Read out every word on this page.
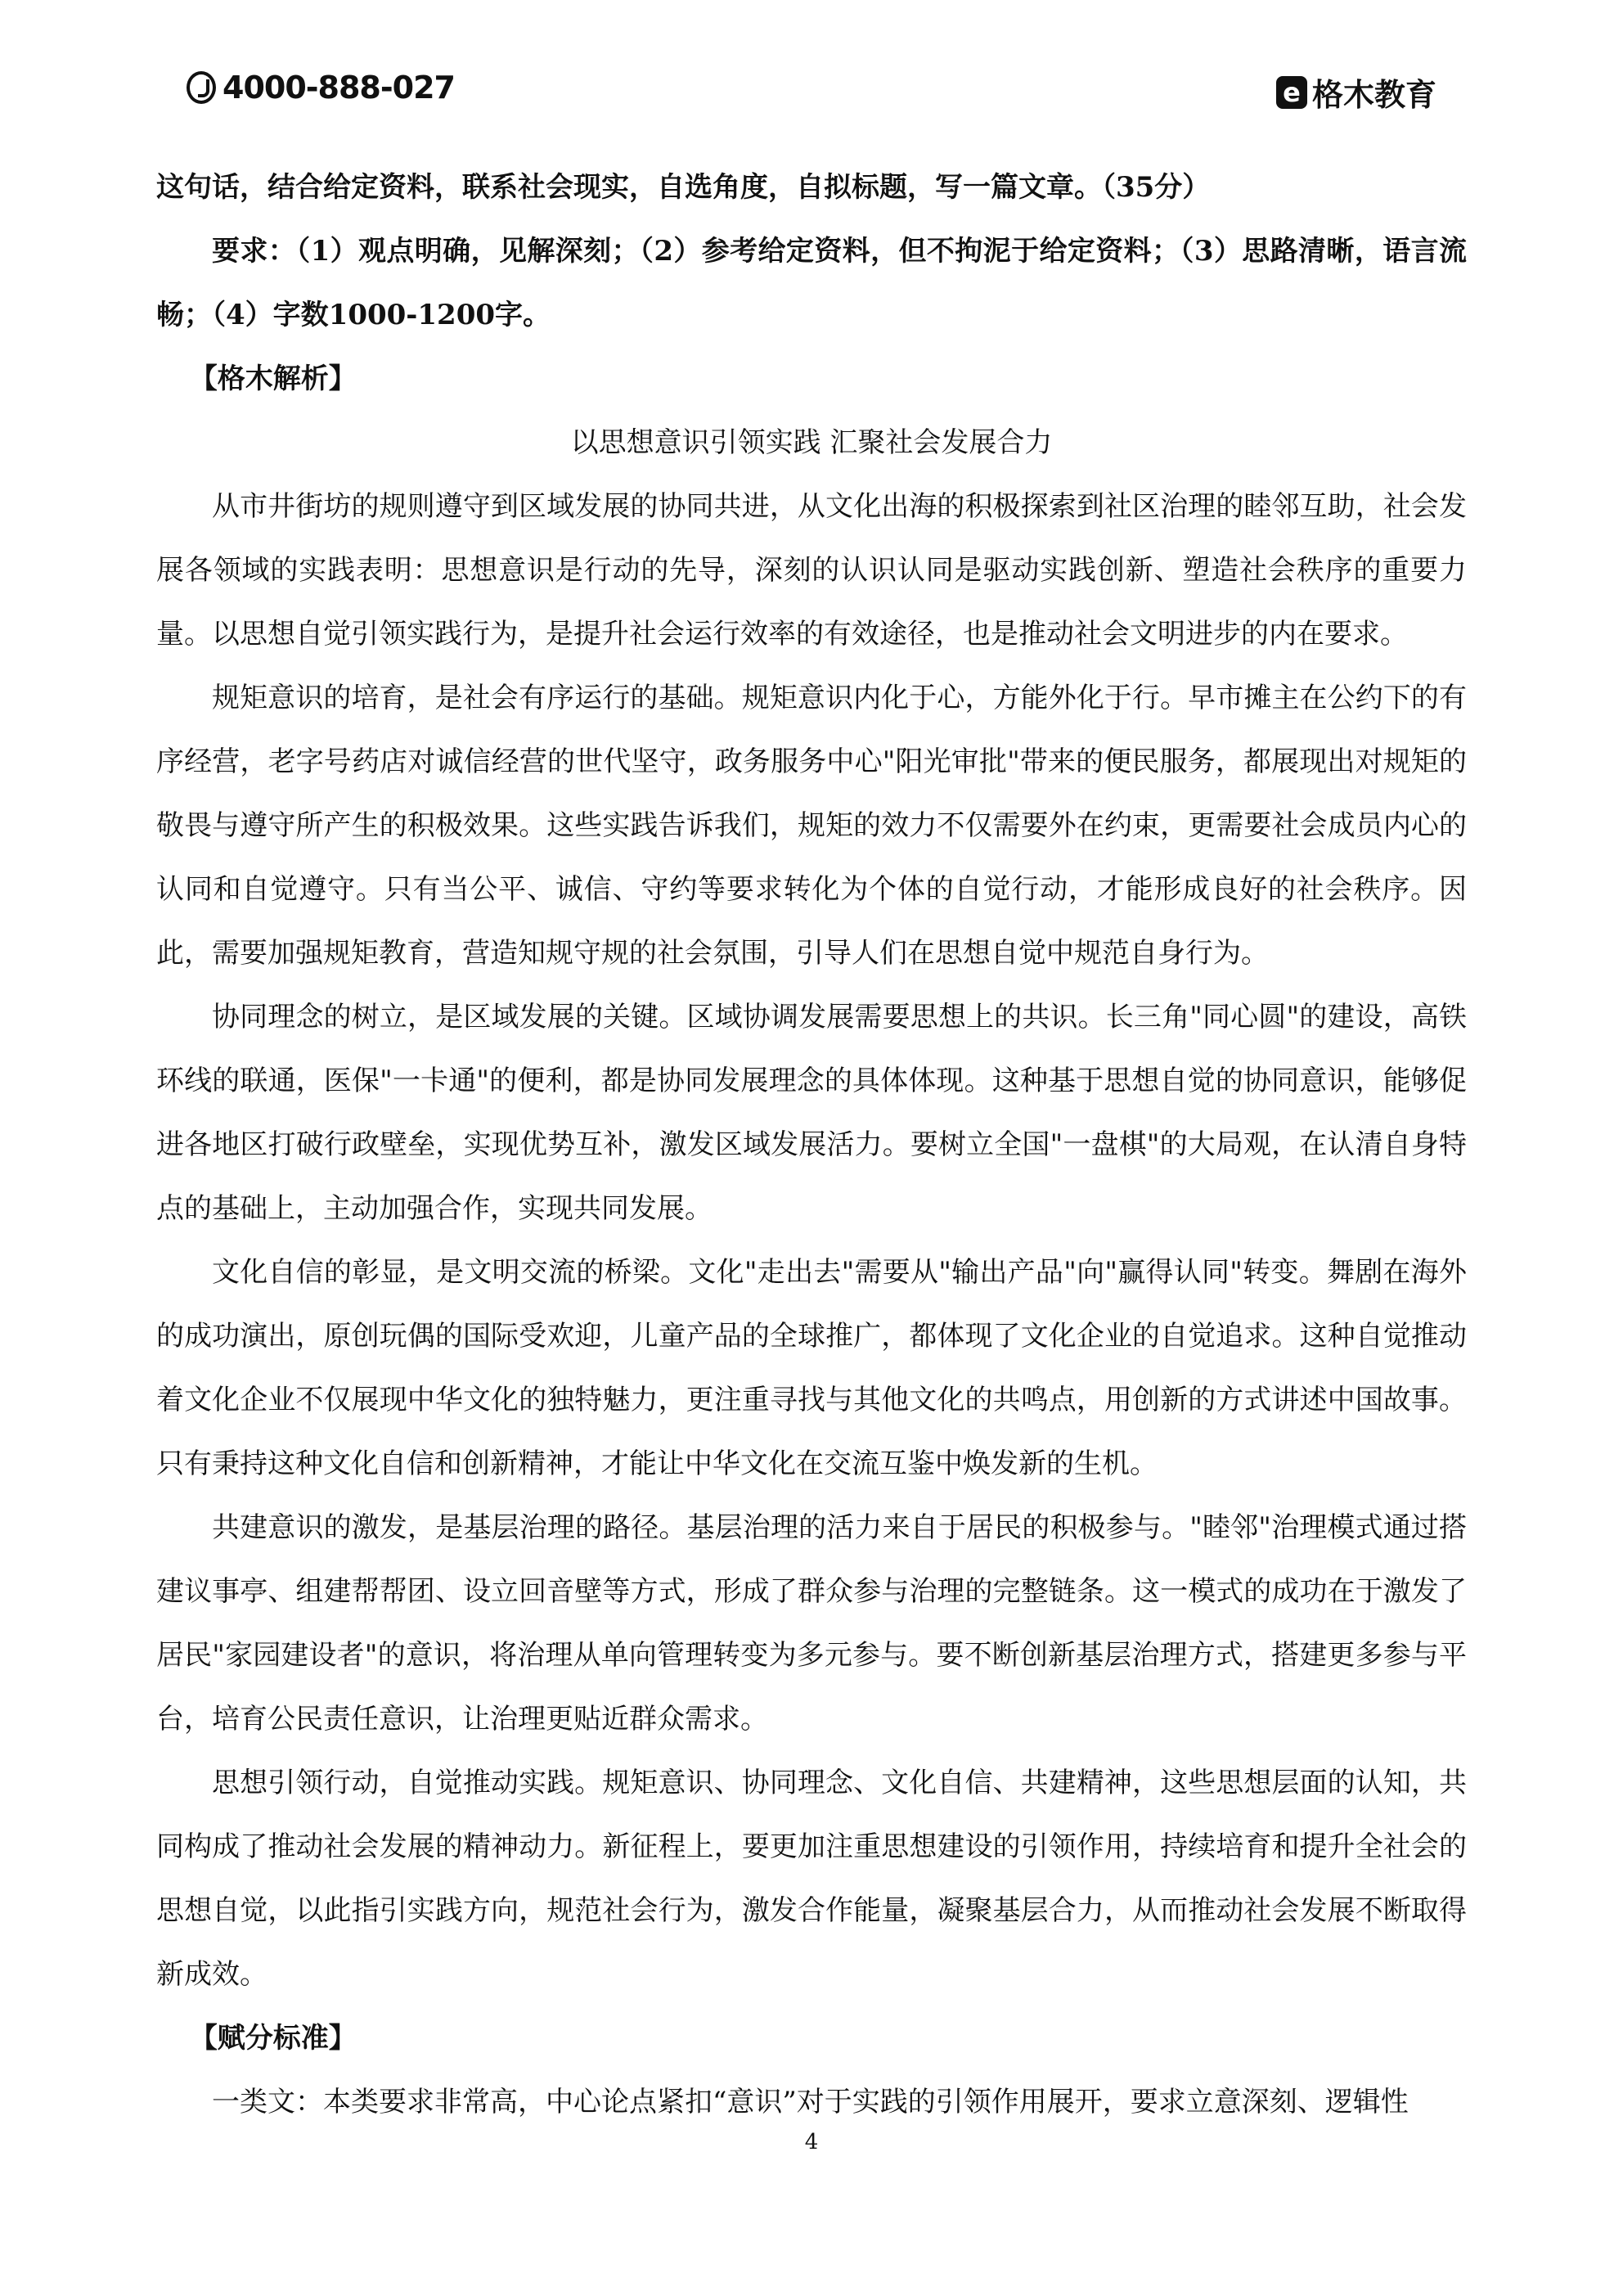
4000-888-027	e 格木教育

这句话，结合给定资料，联系社会现实，自选角度，自拟标题，写一篇文章。（35分）

要求：（1）观点明确，见解深刻；（2）参考给定资料，但不拘泥于给定资料；（3）思路清晰，语言流畅；（4）字数1000-1200字。

【格木解析】

以思想意识引领实践 汇聚社会发展合力

从市井街坊的规则遵守到区域发展的协同共进，从文化出海的积极探索到社区治理的睦邻互助，社会发展各领域的实践表明：思想意识是行动的先导，深刻的认识认同是驱动实践创新、塑造社会秩序的重要力量。以思想自觉引领实践行为，是提升社会运行效率的有效途径，也是推动社会文明进步的内在要求。

规矩意识的培育，是社会有序运行的基础。规矩意识内化于心，方能外化于行。早市摊主在公约下的有序经营，老字号药店对诚信经营的世代坚守，政务服务中心"阳光审批"带来的便民服务，都展现出对规矩的敬畏与遵守所产生的积极效果。这些实践告诉我们，规矩的效力不仅需要外在约束，更需要社会成员内心的认同和自觉遵守。只有当公平、诚信、守约等要求转化为个体的自觉行动，才能形成良好的社会秩序。因此，需要加强规矩教育，营造知规守规的社会氛围，引导人们在思想自觉中规范自身行为。

协同理念的树立，是区域发展的关键。区域协调发展需要思想上的共识。长三角"同心圆"的建设，高铁环线的联通，医保"一卡通"的便利，都是协同发展理念的具体体现。这种基于思想自觉的协同意识，能够促进各地区打破行政壁垒，实现优势互补，激发区域发展活力。要树立全国"一盘棋"的大局观，在认清自身特点的基础上，主动加强合作，实现共同发展。

文化自信的彰显，是文明交流的桥梁。文化"走出去"需要从"输出产品"向"赢得认同"转变。舞剧在海外的成功演出，原创玩偶的国际受欢迎，儿童产品的全球推广，都体现了文化企业的自觉追求。这种自觉推动着文化企业不仅展现中华文化的独特魅力，更注重寻找与其他文化的共鸣点，用创新的方式讲述中国故事。只有秉持这种文化自信和创新精神，才能让中华文化在交流互鉴中焕发新的生机。

共建意识的激发，是基层治理的路径。基层治理的活力来自于居民的积极参与。"睦邻"治理模式通过搭建议事亭、组建帮帮团、设立回音壁等方式，形成了群众参与治理的完整链条。这一模式的成功在于激发了居民"家园建设者"的意识，将治理从单向管理转变为多元参与。要不断创新基层治理方式，搭建更多参与平台，培育公民责任意识，让治理更贴近群众需求。

思想引领行动，自觉推动实践。规矩意识、协同理念、文化自信、共建精神，这些思想层面的认知，共同构成了推动社会发展的精神动力。新征程上，要更加注重思想建设的引领作用，持续培育和提升全社会的思想自觉，以此指引实践方向，规范社会行为，激发合作能量，凝聚基层合力，从而推动社会发展不断取得新成效。

【赋分标准】

一类文：本类要求非常高，中心论点紧扣“意识”对于实践的引领作用展开，要求立意深刻、逻辑性

4
